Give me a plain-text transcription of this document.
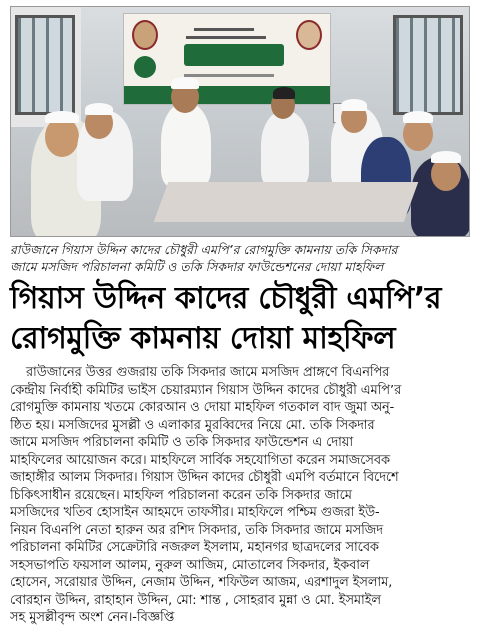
রাউজানে গিয়াস উদ্দিন কাদের চৌধুরী এমপি’র রোগমুক্তি কামনায় তকি সিকদার
জামে মসজিদ পরিচালনা কমিটি ও তকি সিকদার ফাউন্ডেশনের দোয়া মাহফিল
গিয়াস উদ্দিন কাদের চৌধুরী এমপি’র
রোগমুক্তি কামনায় দোয়া মাহফিল
রাউজানের উত্তর গুজরায় তকি সিকদার জামে মসজিদ প্রাঙ্গণে বিএনপির
কেন্দ্রীয় নির্বাহী কমিটির ভাইস চেয়ারম্যান গিয়াস উদ্দিন কাদের চৌধুরী এমপি’র
রোগমুক্তি কামনায় খতমে কোরআন ও দোয়া মাহফিল গতকাল বাদ জুমা অনু-
ষ্ঠিত হয়। মসজিদের মুসল্লী ও এলাকার মুরব্বিদের নিয়ে মো. তকি সিকদার
জামে মসজিদ পরিচালনা কমিটি ও তকি সিকদার ফাউন্ডেশন এ দোয়া
মাহফিলের আয়োজন করে। মাহফিলে সার্বিক সহযোগিতা করেন সমাজসেবক
জাহাঙ্গীর আলম সিকদার। গিয়াস উদ্দিন কাদের চৌধুরী এমপি বর্তমানে বিদেশে
চিকিৎসাধীন রয়েছেন। মাহফিল পরিচালনা করেন তকি সিকদার জামে
মসজিদের খতিব হোসাইন আহমদে তাফসীর। মাহফিলে পশ্চিম গুজরা ইউ-
নিয়ন বিএনপি নেতা হারুন অর রশিদ সিকদার, তকি সিকদার জামে মসজিদ
পরিচালনা কমিটির সেক্রেটারি নজরুল ইসলাম, মহানগর ছাত্রদলের সাবেক
সহসভাপতি ফয়সাল আলম, নুরুল আজিম, মোতালেব সিকদার, ইকবাল
হোসেন, সরোয়ার উদ্দিন, নেজাম উদ্দিন, শফিউল আজম, এরশাদুল ইসলাম,
বোরহান উদ্দিন, রাহাহান উদ্দিন, মো: শান্ত , সোহরাব মুন্না ও মো. ইসমাইল
সহ মুসল্লীবৃন্দ অংশ নেন।-বিজ্ঞপ্তি
